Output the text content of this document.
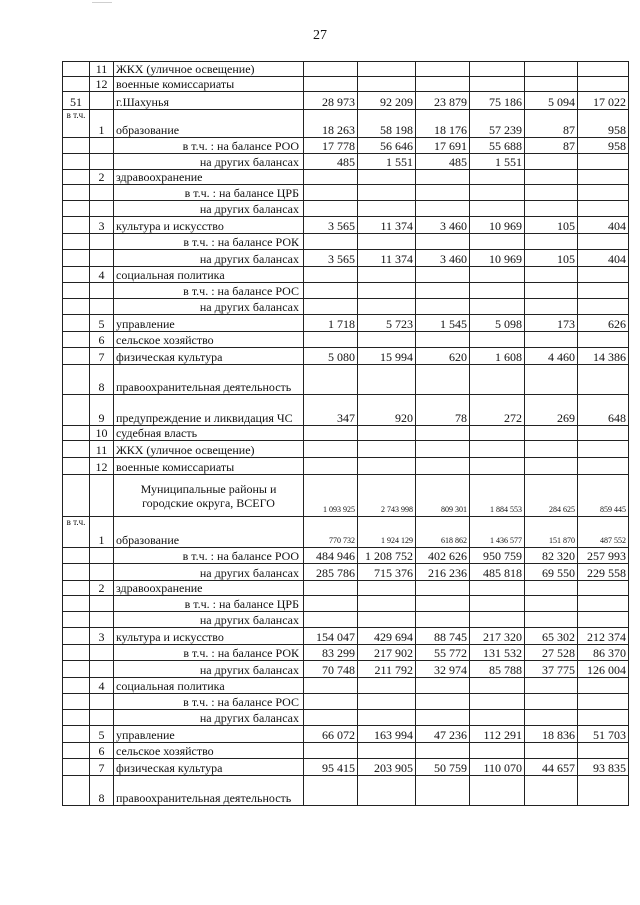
27
	11	ЖКХ (уличное освещение)						
	12	военные комиссариаты						
51		г.Шахунья	28 973	92 209	23 879	75 186	5 094	17 022
в т.ч.	1	образование	18 263	58 198	18 176	57 239	87	958
		в т.ч. : на балансе РОО	17 778	56 646	17 691	55 688	87	958
		на других балансах	485	1 551	485	1 551		
	2	здравоохранение						
		в т.ч. : на балансе ЦРБ						
		на других балансах						
	3	культура и искусство	3 565	11 374	3 460	10 969	105	404
		в т.ч. : на балансе РОК						
		на других балансах	3 565	11 374	3 460	10 969	105	404
	4	социальная политика						
		в т.ч. : на балансе РОС						
		на других балансах						
	5	управление	1 718	5 723	1 545	5 098	173	626
	6	сельское хозяйство						
	7	физическая культура	5 080	15 994	620	1 608	4 460	14 386
	8	правоохранительная деятельность						
	9	предупреждение и ликвидация ЧС	347	920	78	272	269	648
	10	судебная власть						
	11	ЖКХ (уличное освещение)						
	12	военные комиссариаты						
		Муниципальные районы и городские округа, ВСЕГО	1 093 925	2 743 998	809 301	1 884 553	284 625	859 445
в т.ч.	1	образование	770 732	1 924 129	618 862	1 436 577	151 870	487 552
		в т.ч. : на балансе РОО	484 946	1 208 752	402 626	950 759	82 320	257 993
		на других балансах	285 786	715 376	216 236	485 818	69 550	229 558
	2	здравоохранение						
		в т.ч. : на балансе ЦРБ						
		на других балансах						
	3	культура и искусство	154 047	429 694	88 745	217 320	65 302	212 374
		в т.ч. : на балансе РОК	83 299	217 902	55 772	131 532	27 528	86 370
		на других балансах	70 748	211 792	32 974	85 788	37 775	126 004
	4	социальная политика						
		в т.ч. : на балансе РОС						
		на других балансах						
	5	управление	66 072	163 994	47 236	112 291	18 836	51 703
	6	сельское хозяйство						
	7	физическая культура	95 415	203 905	50 759	110 070	44 657	93 835
	8	правоохранительная деятельность						
